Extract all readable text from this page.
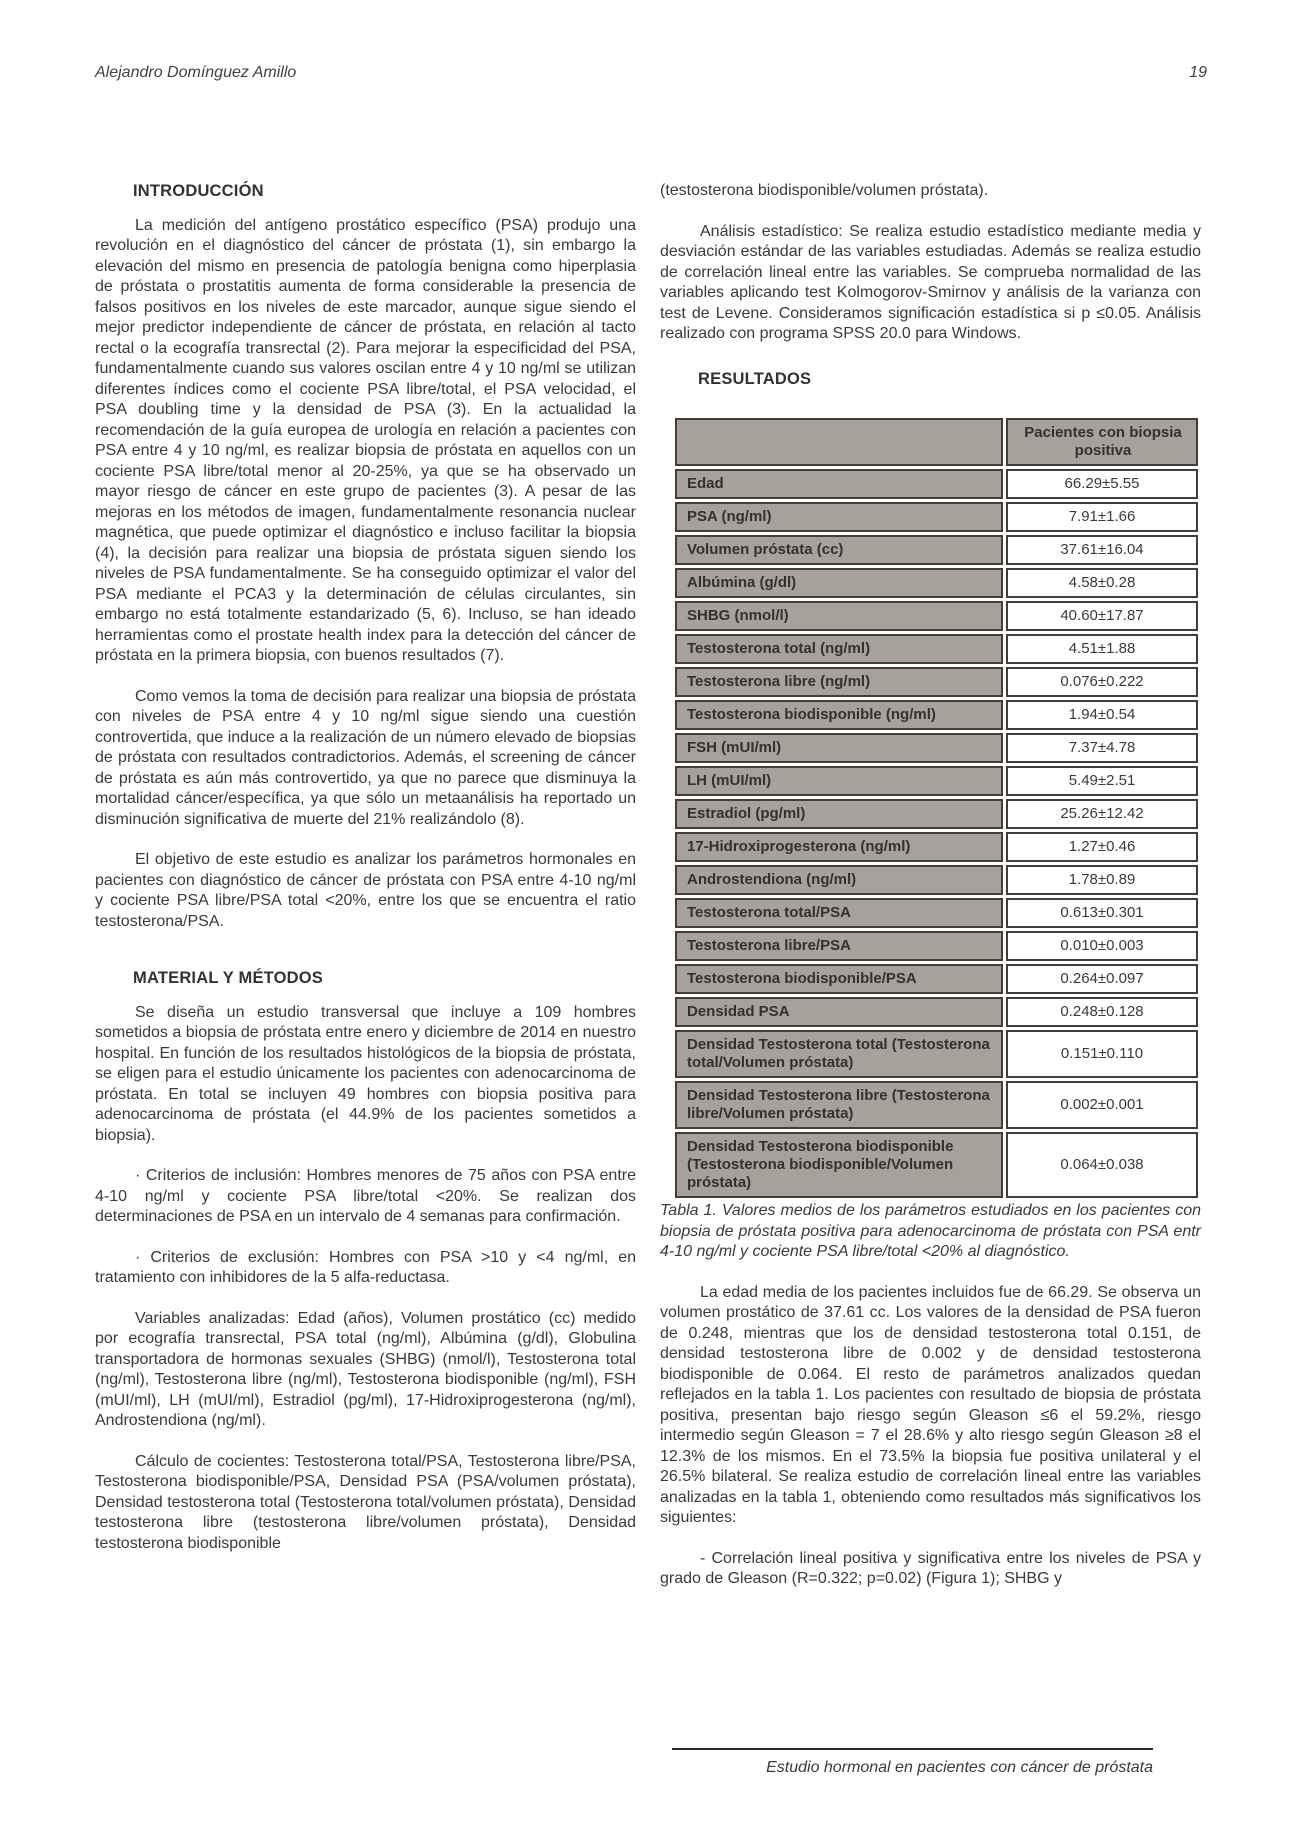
Alejandro Domínguez Amillo	19
INTRODUCCIÓN

La medición del antígeno prostático específico (PSA) produjo una revolución en el diagnóstico del cáncer de próstata (1), sin embargo la elevación del mismo en presencia de patología benigna como hiperplasia de próstata o prostatitis aumenta de forma considerable la presencia de falsos positivos en los niveles de este marcador, aunque sigue siendo el mejor predictor independiente de cáncer de próstata, en relación al tacto rectal o la ecografía transrectal (2). Para mejorar la especificidad del PSA, fundamentalmente cuando sus valores oscilan entre 4 y 10 ng/ml se utilizan diferentes índices como el cociente PSA libre/total, el PSA velocidad, el PSA doubling time y la densidad de PSA (3). En la actualidad la recomendación de la guía europea de urología en relación a pacientes con PSA entre 4 y 10 ng/ml, es realizar biopsia de próstata en aquellos con un cociente PSA libre/total menor al 20-25%, ya que se ha observado un mayor riesgo de cáncer en este grupo de pacientes (3). A pesar de las mejoras en los métodos de imagen, fundamentalmente resonancia nuclear magnética, que puede optimizar el diagnóstico e incluso facilitar la biopsia (4), la decisión para realizar una biopsia de próstata siguen siendo los niveles de PSA fundamentalmente. Se ha conseguido optimizar el valor del PSA mediante el PCA3 y la determinación de células circulantes, sin embargo no está totalmente estandarizado (5, 6). Incluso, se han ideado herramientas como el prostate health index para la detección del cáncer de próstata en la primera biopsia, con buenos resultados (7).

Como vemos la toma de decisión para realizar una biopsia de próstata con niveles de PSA entre 4 y 10 ng/ml sigue siendo una cuestión controvertida, que induce a la realización de un número elevado de biopsias de próstata con resultados contradictorios. Además, el screening de cáncer de próstata es aún más controvertido, ya que no parece que disminuya la mortalidad cáncer/específica, ya que sólo un metaanálisis ha reportado un disminución significativa de muerte del 21% realizándolo (8).

El objetivo de este estudio es analizar los parámetros hormonales en pacientes con diagnóstico de cáncer de próstata con PSA entre 4-10 ng/ml y cociente PSA libre/PSA total <20%, entre los que se encuentra el ratio testosterona/PSA.

MATERIAL Y MÉTODOS

Se diseña un estudio transversal que incluye a 109 hombres sometidos a biopsia de próstata entre enero y diciembre de 2014 en nuestro hospital. En función de los resultados histológicos de la biopsia de próstata, se eligen para el estudio únicamente los pacientes con adenocarcinoma de próstata. En total se incluyen 49 hombres con biopsia positiva para adenocarcinoma de próstata (el 44.9% de los pacientes sometidos a biopsia).

· Criterios de inclusión: Hombres menores de 75 años con PSA entre 4-10 ng/ml y cociente PSA libre/total <20%. Se realizan dos determinaciones de PSA en un intervalo de 4 semanas para confirmación.

· Criterios de exclusión: Hombres con PSA >10 y <4 ng/ml, en tratamiento con inhibidores de la 5 alfa-reductasa.

Variables analizadas: Edad (años), Volumen prostático (cc) medido por ecografía transrectal, PSA total (ng/ml), Albúmina (g/dl), Globulina transportadora de hormonas sexuales (SHBG) (nmol/l), Testosterona total (ng/ml), Testosterona libre (ng/ml), Testosterona biodisponible (ng/ml), FSH (mUI/ml), LH (mUI/ml), Estradiol (pg/ml), 17-Hidroxiprogesterona (ng/ml), Androstendiona (ng/ml).

Cálculo de cocientes: Testosterona total/PSA, Testosterona libre/PSA, Testosterona biodisponible/PSA, Densidad PSA (PSA/volumen próstata), Densidad testosterona total (Testosterona total/volumen próstata), Densidad testosterona libre (testosterona libre/volumen próstata), Densidad testosterona biodisponible

(testosterona biodisponible/volumen próstata).

Análisis estadístico: Se realiza estudio estadístico mediante media y desviación estándar de las variables estudiadas. Además se realiza estudio de correlación lineal entre las variables. Se comprueba normalidad de las variables aplicando test Kolmogorov-Smirnov y análisis de la varianza con test de Levene. Consideramos significación estadística si p ≤0.05. Análisis realizado con programa SPSS 20.0 para Windows.

RESULTADOS
	Pacientes con biopsia positiva
Edad	66.29±5.55
PSA (ng/ml)	7.91±1.66
Volumen próstata (cc)	37.61±16.04
Albúmina (g/dl)	4.58±0.28
SHBG (nmol/l)	40.60±17.87
Testosterona total (ng/ml)	4.51±1.88
Testosterona libre (ng/ml)	0.076±0.222
Testosterona biodisponible (ng/ml)	1.94±0.54
FSH (mUI/ml)	7.37±4.78
LH (mUI/ml)	5.49±2.51
Estradiol (pg/ml)	25.26±12.42
17-Hidroxiprogesterona (ng/ml)	1.27±0.46
Androstendiona (ng/ml)	1.78±0.89
Testosterona total/PSA	0.613±0.301
Testosterona libre/PSA	0.010±0.003
Testosterona biodisponible/PSA	0.264±0.097
Densidad PSA	0.248±0.128
Densidad Testosterona total (Testosterona total/Volumen próstata)	0.151±0.110
Densidad Testosterona libre (Testosterona libre/Volumen próstata)	0.002±0.001
Densidad Testosterona biodisponible (Testosterona biodisponible/Volumen próstata)	0.064±0.038

Tabla 1. Valores medios de los parámetros estudiados en los pacientes con biopsia de próstata positiva para adenocarcinoma de próstata con PSA entr 4-10 ng/ml y cociente PSA libre/total <20% al diagnóstico.

La edad media de los pacientes incluidos fue de 66.29. Se observa un volumen prostático de 37.61 cc. Los valores de la densidad de PSA fueron de 0.248, mientras que los de densidad testosterona total 0.151, de densidad testosterona libre de 0.002 y de densidad testosterona biodisponible de 0.064. El resto de parámetros analizados quedan reflejados en la tabla 1. Los pacientes con resultado de biopsia de próstata positiva, presentan bajo riesgo según Gleason ≤6 el 59.2%, riesgo intermedio según Gleason = 7 el 28.6% y alto riesgo según Gleason ≥8 el 12.3% de los mismos. En el 73.5% la biopsia fue positiva unilateral y el 26.5% bilateral. Se realiza estudio de correlación lineal entre las variables analizadas en la tabla 1, obteniendo como resultados más significativos los siguientes:

- Correlación lineal positiva y significativa entre los niveles de PSA y grado de Gleason (R=0.322; p=0.02) (Figura 1); SHBG y

Estudio hormonal en pacientes con cáncer de próstata
